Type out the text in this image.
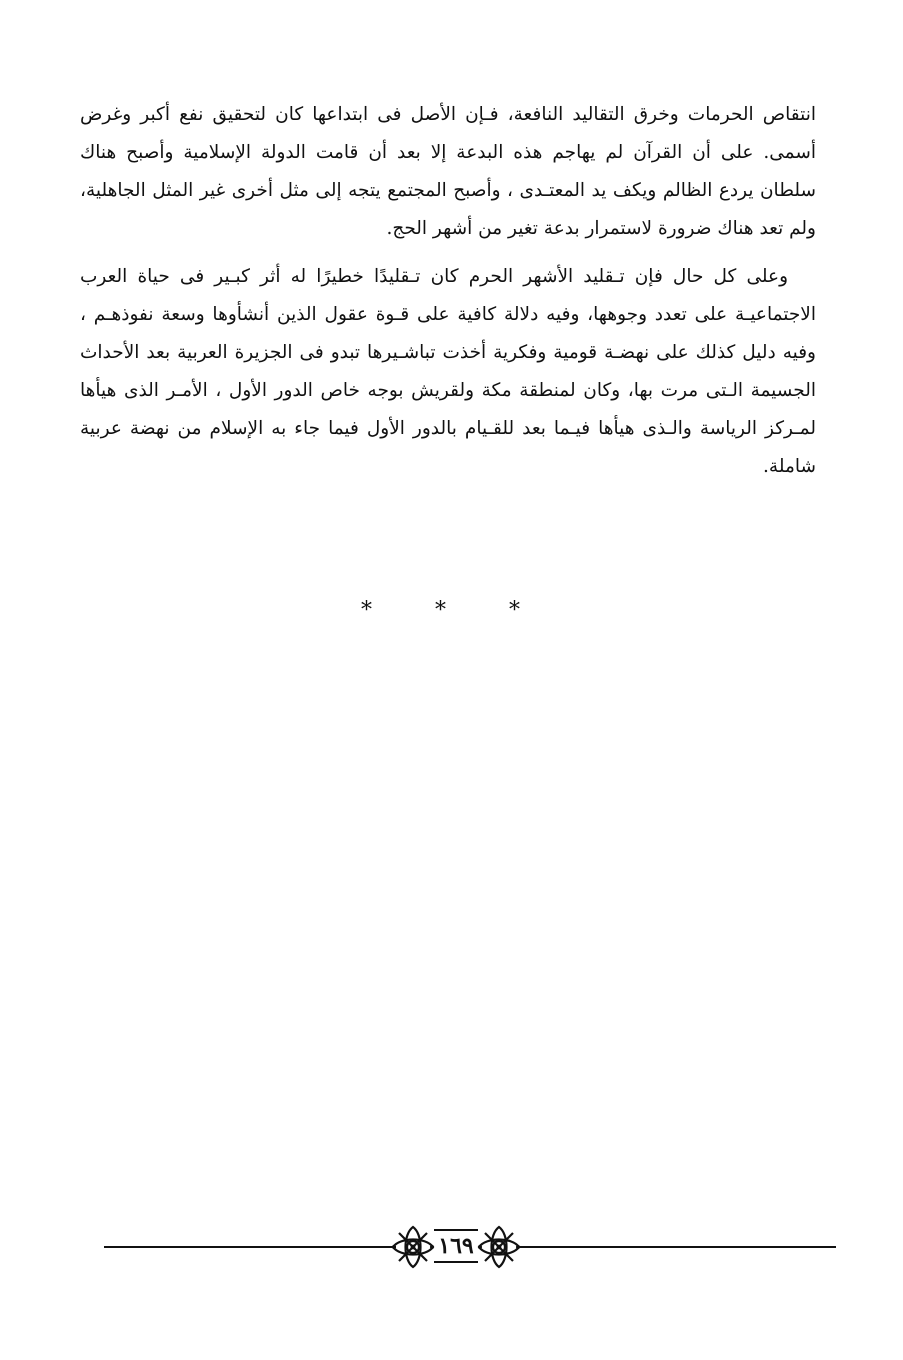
انتقاص الحرمات وخرق التقاليد النافعة، فـإن الأصل فى ابتداعها كان لتحقيق نفع أكبر وغرض أسمى. على أن القرآن لم يهاجم هذه البدعة إلا بعد أن قامت الدولة الإسلامية وأصبح هناك سلطان يردع الظالم ويكف يد المعتـدى ، وأصبح المجتمع يتجه إلى مثل أخرى غير المثل الجاهلية، ولم تعد هناك ضرورة لاستمرار بدعة تغير من أشهر الحج.

وعلى كل حال فإن تـقليد الأشهر الحرم كان تـقليدًا خطيرًا له أثر كبـير فى حياة العرب الاجتماعيـة على تعدد وجوهها، وفيه دلالة كافية على قـوة عقول الذين أنشأوها وسعة نفوذهـم ، وفيه دليل كذلك على نهضـة قومية وفكرية أخذت تباشـيرها تبدو فى الجزيرة العربية بعد الأحداث الجسيمة الـتى مرت بها، وكان لمنطقة مكة ولقريش بوجه خاص الدور الأول ، الأمـر الذى هيأها لمـركز الرياسة والـذى هيأها فيـما بعد للقـيام بالدور الأول فيما جاء به الإسلام من نهضة عربية شاملة.

* * *
١٦٩
